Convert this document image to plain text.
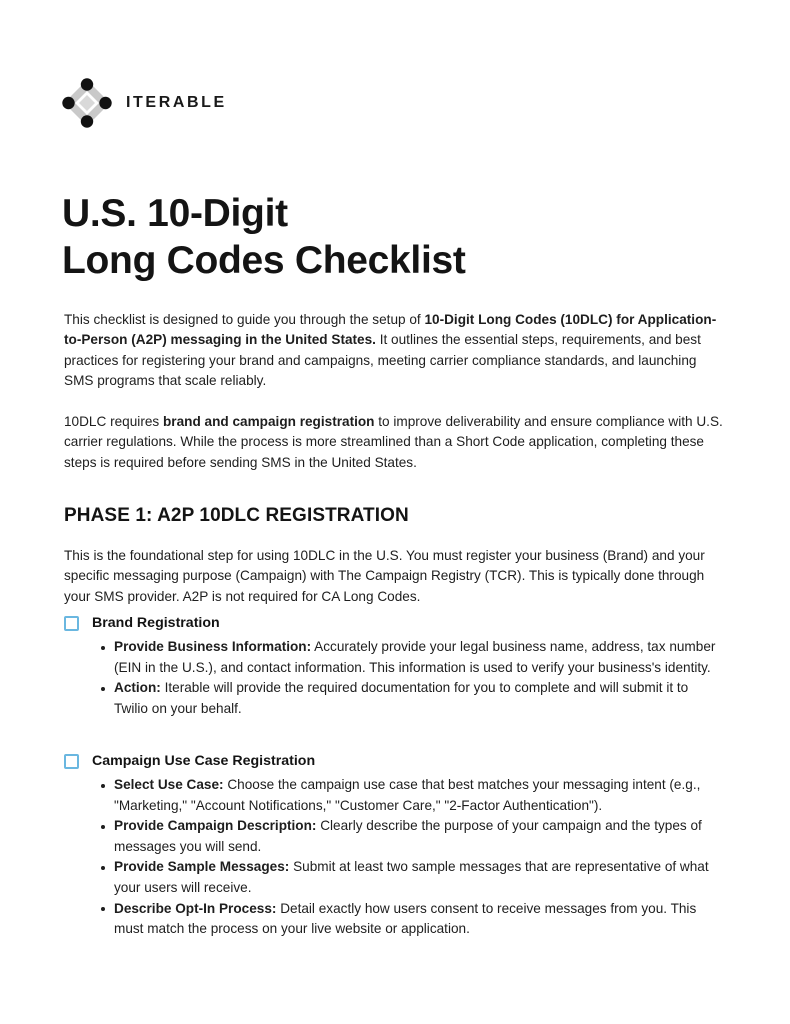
ITERABLE
U.S. 10-Digit
Long Codes Checklist

This checklist is designed to guide you through the setup of 10-Digit Long Codes (10DLC) for Application-to-Person (A2P) messaging in the United States. It outlines the essential steps, requirements, and best practices for registering your brand and campaigns, meeting carrier compliance standards, and launching SMS programs that scale reliably.

10DLC requires brand and campaign registration to improve deliverability and ensure compliance with U.S. carrier regulations. While the process is more streamlined than a Short Code application, completing these steps is required before sending SMS in the United States.

PHASE 1: A2P 10DLC REGISTRATION

This is the foundational step for using 10DLC in the U.S. You must register your business (Brand) and your specific messaging purpose (Campaign) with The Campaign Registry (TCR). This is typically done through your SMS provider. A2P is not required for CA Long Codes.

Brand Registration
Provide Business Information: Accurately provide your legal business name, address, tax number (EIN in the U.S.), and contact information. This information is used to verify your business's identity.
Action: Iterable will provide the required documentation for you to complete and will submit it to Twilio on your behalf.
Campaign Use Case Registration
Select Use Case: Choose the campaign use case that best matches your messaging intent (e.g., "Marketing," "Account Notifications," "Customer Care," "2-Factor Authentication").
Provide Campaign Description: Clearly describe the purpose of your campaign and the types of messages you will send.
Provide Sample Messages: Submit at least two sample messages that are representative of what your users will receive.
Describe Opt-In Process: Detail exactly how users consent to receive messages from you. This must match the process on your live website or application.
